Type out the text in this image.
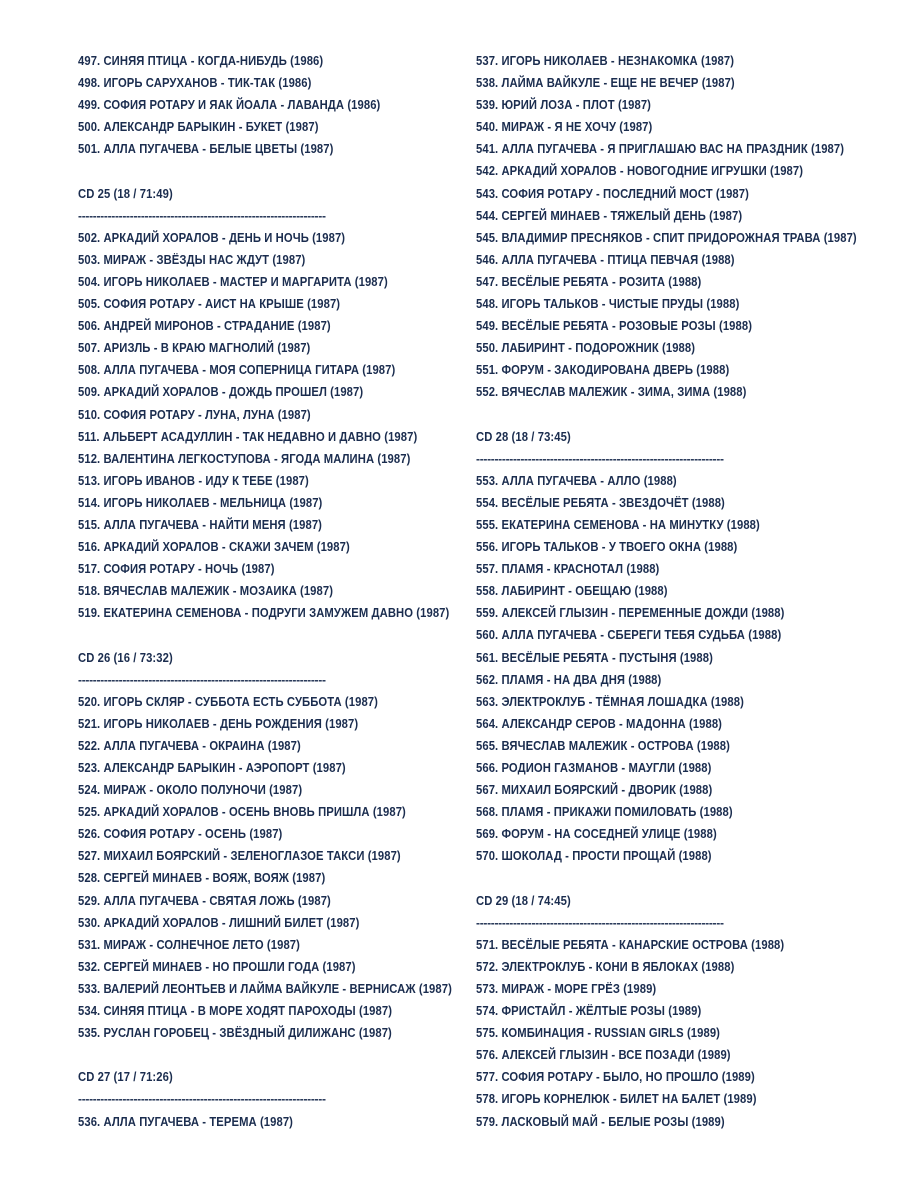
497. СИНЯЯ ПТИЦА - КОГДА-НИБУДЬ (1986)
498. ИГОРЬ САРУХАНОВ - ТИК-ТАК (1986)
499. СОФИЯ РОТАРУ И ЯАК ЙОАЛА - ЛАВАНДА (1986)
500. АЛЕКСАНДР БАРЫКИН - БУКЕТ (1987)
501. АЛЛА ПУГАЧЕВА - БЕЛЫЕ ЦВЕТЫ (1987)
CD 25 (18 / 71:49)
-------------------------------------------------------------------
502. АРКАДИЙ ХОРАЛОВ - ДЕНЬ И НОЧЬ (1987)
503. МИРАЖ - ЗВЁЗДЫ НАС ЖДУТ (1987)
504. ИГОРЬ НИКОЛАЕВ - МАСТЕР И МАРГАРИТА (1987)
505. СОФИЯ РОТАРУ - АИСТ НА КРЫШЕ (1987)
506. АНДРЕЙ МИРОНОВ - СТРАДАНИЕ (1987)
507. АРИЗЛЬ - В КРАЮ МАГНОЛИЙ (1987)
508. АЛЛА ПУГАЧЕВА - МОЯ СОПЕРНИЦА ГИТАРА (1987)
509. АРКАДИЙ ХОРАЛОВ - ДОЖДЬ ПРОШЕЛ (1987)
510. СОФИЯ РОТАРУ - ЛУНА, ЛУНА (1987)
511. АЛЬБЕРТ АСАДУЛЛИН - ТАК НЕДАВНО И ДАВНО (1987)
512. ВАЛЕНТИНА ЛЕГКОСТУПОВА - ЯГОДА МАЛИНА (1987)
513. ИГОРЬ ИВАНОВ - ИДУ К ТЕБЕ (1987)
514. ИГОРЬ НИКОЛАЕВ - МЕЛЬНИЦА (1987)
515. АЛЛА ПУГАЧЕВА - НАЙТИ МЕНЯ (1987)
516. АРКАДИЙ ХОРАЛОВ - СКАЖИ ЗАЧЕМ (1987)
517. СОФИЯ РОТАРУ - НОЧЬ (1987)
518. ВЯЧЕСЛАВ МАЛЕЖИК - МОЗАИКА (1987)
519. ЕКАТЕРИНА СЕМЕНОВА - ПОДРУГИ ЗАМУЖЕМ ДАВНО (1987)
CD 26 (16 / 73:32)
-------------------------------------------------------------------
520. ИГОРЬ СКЛЯР - СУББОТА ЕСТЬ СУББОТА (1987)
521. ИГОРЬ НИКОЛАЕВ - ДЕНЬ РОЖДЕНИЯ (1987)
522. АЛЛА ПУГАЧЕВА - ОКРАИНА (1987)
523. АЛЕКСАНДР БАРЫКИН - АЭРОПОРТ (1987)
524. МИРАЖ - ОКОЛО ПОЛУНОЧИ (1987)
525. АРКАДИЙ ХОРАЛОВ - ОСЕНЬ ВНОВЬ ПРИШЛА (1987)
526. СОФИЯ РОТАРУ - ОСЕНЬ (1987)
527. МИХАИЛ БОЯРСКИЙ - ЗЕЛЕНОГЛАЗОЕ ТАКСИ (1987)
528. СЕРГЕЙ МИНАЕВ - ВОЯЖ, ВОЯЖ (1987)
529. АЛЛА ПУГАЧЕВА - СВЯТАЯ ЛОЖЬ (1987)
530. АРКАДИЙ ХОРАЛОВ - ЛИШНИЙ БИЛЕТ (1987)
531. МИРАЖ - СОЛНЕЧНОЕ ЛЕТО (1987)
532. СЕРГЕЙ МИНАЕВ - НО ПРОШЛИ ГОДА (1987)
533. ВАЛЕРИЙ ЛЕОНТЬЕВ И ЛАЙМА ВАЙКУЛЕ - ВЕРНИСАЖ (1987)
534. СИНЯЯ ПТИЦА - В МОРЕ ХОДЯТ ПАРОХОДЫ (1987)
535. РУСЛАН ГОРОБЕЦ - ЗВЁЗДНЫЙ ДИЛИЖАНС (1987)
CD 27 (17 / 71:26)
-------------------------------------------------------------------
536. АЛЛА ПУГАЧЕВА - ТЕРЕМА (1987)
537. ИГОРЬ НИКОЛАЕВ - НЕЗНАКОМКА (1987)
538. ЛАЙМА ВАЙКУЛЕ - ЕЩЕ НЕ ВЕЧЕР (1987)
539. ЮРИЙ ЛОЗА - ПЛОТ (1987)
540. МИРАЖ - Я НЕ ХОЧУ (1987)
541. АЛЛА ПУГАЧЕВА - Я ПРИГЛАШАЮ ВАС НА ПРАЗДНИК (1987)
542. АРКАДИЙ ХОРАЛОВ - НОВОГОДНИЕ ИГРУШКИ (1987)
543. СОФИЯ РОТАРУ - ПОСЛЕДНИЙ МОСТ (1987)
544. СЕРГЕЙ МИНАЕВ - ТЯЖЕЛЫЙ ДЕНЬ (1987)
545. ВЛАДИМИР ПРЕСНЯКОВ - СПИТ ПРИДОРОЖНАЯ ТРАВА (1987)
546. АЛЛА ПУГАЧЕВА - ПТИЦА ПЕВЧАЯ (1988)
547. ВЕСЁЛЫЕ РЕБЯТА - РОЗИТА (1988)
548. ИГОРЬ ТАЛЬКОВ - ЧИСТЫЕ ПРУДЫ (1988)
549. ВЕСЁЛЫЕ РЕБЯТА - РОЗОВЫЕ РОЗЫ (1988)
550. ЛАБИРИНТ - ПОДОРОЖНИК (1988)
551. ФОРУМ - ЗАКОДИРОВАНА ДВЕРЬ (1988)
552. ВЯЧЕСЛАВ МАЛЕЖИК - ЗИМА, ЗИМА (1988)
CD 28 (18 / 73:45)
-------------------------------------------------------------------
553. АЛЛА ПУГАЧЕВА - АЛЛО (1988)
554. ВЕСЁЛЫЕ РЕБЯТА - ЗВЕЗДОЧЁТ (1988)
555. ЕКАТЕРИНА СЕМЕНОВА - НА МИНУТКУ (1988)
556. ИГОРЬ ТАЛЬКОВ - У ТВОЕГО ОКНА (1988)
557. ПЛАМЯ - КРАСНОТАЛ (1988)
558. ЛАБИРИНТ - ОБЕЩАЮ (1988)
559. АЛЕКСЕЙ ГЛЫЗИН - ПЕРЕМЕННЫЕ ДОЖДИ (1988)
560. АЛЛА ПУГАЧЕВА - СБЕРЕГИ ТЕБЯ СУДЬБА (1988)
561. ВЕСЁЛЫЕ РЕБЯТА - ПУСТЫНЯ (1988)
562. ПЛАМЯ - НА ДВА ДНЯ (1988)
563. ЭЛЕКТРОКЛУБ - ТЁМНАЯ ЛОШАДКА (1988)
564. АЛЕКСАНДР СЕРОВ - МАДОННА (1988)
565. ВЯЧЕСЛАВ МАЛЕЖИК - ОСТРОВА (1988)
566. РОДИОН ГАЗМАНОВ - МАУГЛИ (1988)
567. МИХАИЛ БОЯРСКИЙ - ДВОРИК (1988)
568. ПЛАМЯ - ПРИКАЖИ ПОМИЛОВАТЬ (1988)
569. ФОРУМ - НА СОСЕДНЕЙ УЛИЦЕ (1988)
570. ШОКОЛАД - ПРОСТИ ПРОЩАЙ (1988)
CD 29 (18 / 74:45)
-------------------------------------------------------------------
571. ВЕСЁЛЫЕ РЕБЯТА - КАНАРСКИЕ ОСТРОВА (1988)
572. ЭЛЕКТРОКЛУБ - КОНИ В ЯБЛОКАХ (1988)
573. МИРАЖ - МОРЕ ГРЁЗ (1989)
574. ФРИСТАЙЛ - ЖЁЛТЫЕ РОЗЫ (1989)
575. КОМБИНАЦИЯ - RUSSIAN GIRLS (1989)
576. АЛЕКСЕЙ ГЛЫЗИН - ВСЕ ПОЗАДИ (1989)
577. СОФИЯ РОТАРУ - БЫЛО, НО ПРОШЛО (1989)
578. ИГОРЬ КОРНЕЛЮК - БИЛЕТ НА БАЛЕТ (1989)
579. ЛАСКОВЫЙ МАЙ - БЕЛЫЕ РОЗЫ (1989)
